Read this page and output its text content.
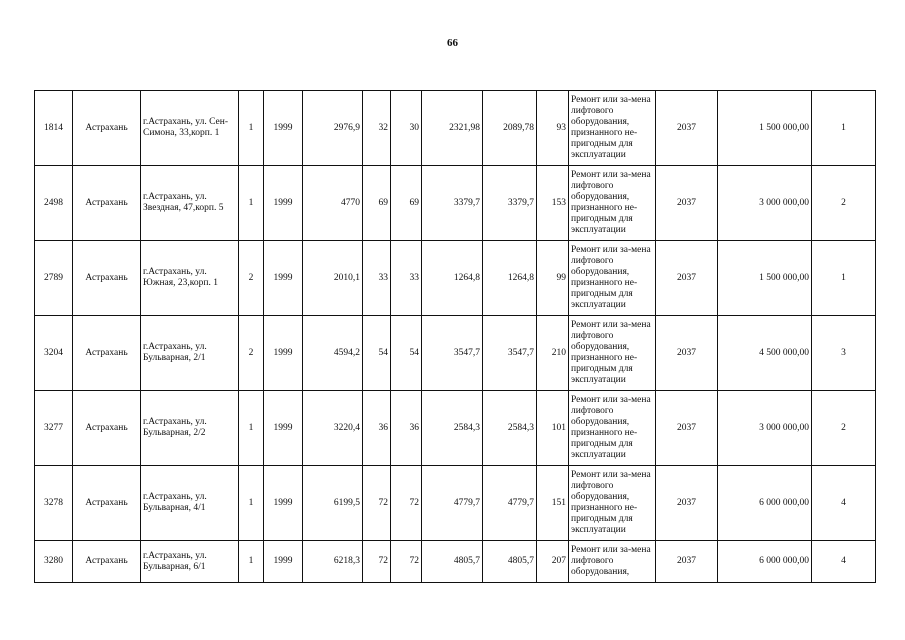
66
1814	Астрахань	г.Астрахань, ул. Сен-Симона, 33,корп. 1	1	1999	2976,9	32	30	2321,98	2089,78	93	Ремонт или за-мена лифтового оборудования, признанного не-пригодным для эксплуатации	2037	1 500 000,00	1
2498	Астрахань	г.Астрахань, ул. Звездная, 47,корп. 5	1	1999	4770	69	69	3379,7	3379,7	153	Ремонт или за-мена лифтового оборудования, признанного не-пригодным для эксплуатации	2037	3 000 000,00	2
2789	Астрахань	г.Астрахань, ул. Южная, 23,корп. 1	2	1999	2010,1	33	33	1264,8	1264,8	99	Ремонт или за-мена лифтового оборудования, признанного не-пригодным для эксплуатации	2037	1 500 000,00	1
3204	Астрахань	г.Астрахань, ул. Бульварная, 2/1	2	1999	4594,2	54	54	3547,7	3547,7	210	Ремонт или за-мена лифтового оборудования, признанного не-пригодным для эксплуатации	2037	4 500 000,00	3
3277	Астрахань	г.Астрахань, ул. Бульварная, 2/2	1	1999	3220,4	36	36	2584,3	2584,3	101	Ремонт или за-мена лифтового оборудования, признанного не-пригодным для эксплуатации	2037	3 000 000,00	2
3278	Астрахань	г.Астрахань, ул. Бульварная, 4/1	1	1999	6199,5	72	72	4779,7	4779,7	151	Ремонт или за-мена лифтового оборудования, признанного не-пригодным для эксплуатации	2037	6 000 000,00	4
3280	Астрахань	г.Астрахань, ул. Бульварная, 6/1	1	1999	6218,3	72	72	4805,7	4805,7	207	Ремонт или за-мена лифтового оборудования,	2037	6 000 000,00	4
